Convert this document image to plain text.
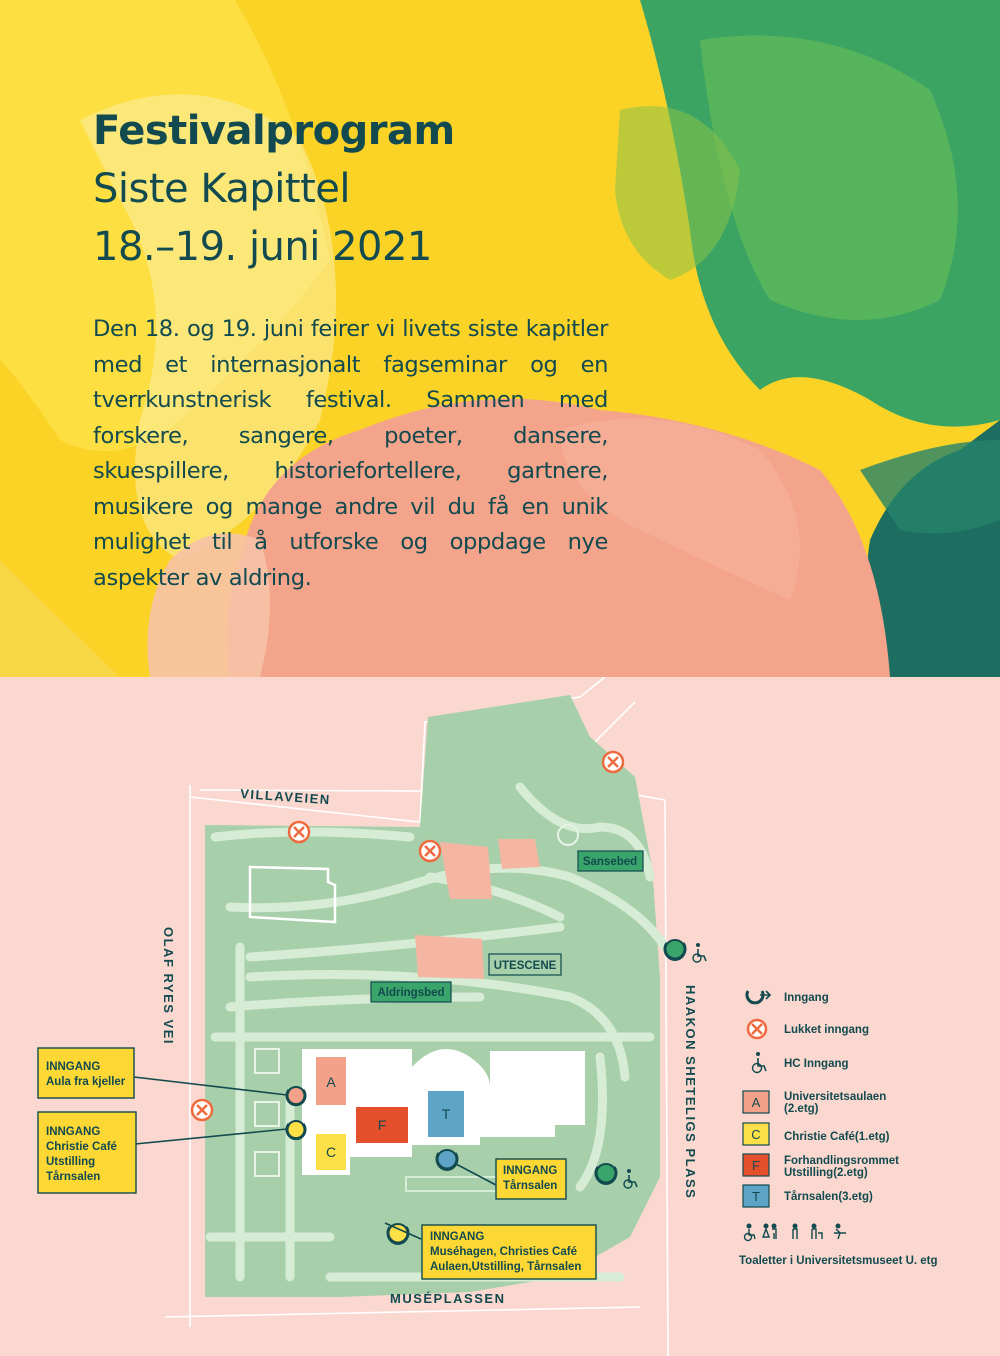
Festivalprogram
Siste Kapittel
18.–19. juni 2021

Den 18. og 19. juni feirer vi livets siste kapitler med et internasjonalt fagseminar og en tverrkunstnerisk festival. Sammen med forskere, sangere, poeter, dansere, skuespillere, historiefortellere, gartnere, musikere og mange andre vil du få en unik mulighet til å utforske og oppdage nye aspekter av aldring.

A
F
T
C
VILLAVEIEN
OLAF RYES VEI	HAAKON SHETELIGS PLASS
MUSÉPLASSEN
Sansebed
UTESCENE
Aldringsbed
INNGANG
Aula fra kjeller
INNGANG
Christie Café
Utstilling
Tårnsalen	INNGANG
Tårnsalen
INNGANG
Muséhagen, Christies Café
Aulaen,Utstilling, Tårnsalen
Inngang
Lukket inngang
HC Inngang
A Universitetsaulaen
(2.etg)
C Christie Café(1.etg)
F Forhandlingsrommet
Utstilling(2.etg)
T Tårnsalen(3.etg)
Toaletter i Universitetsmuseet U. etg
